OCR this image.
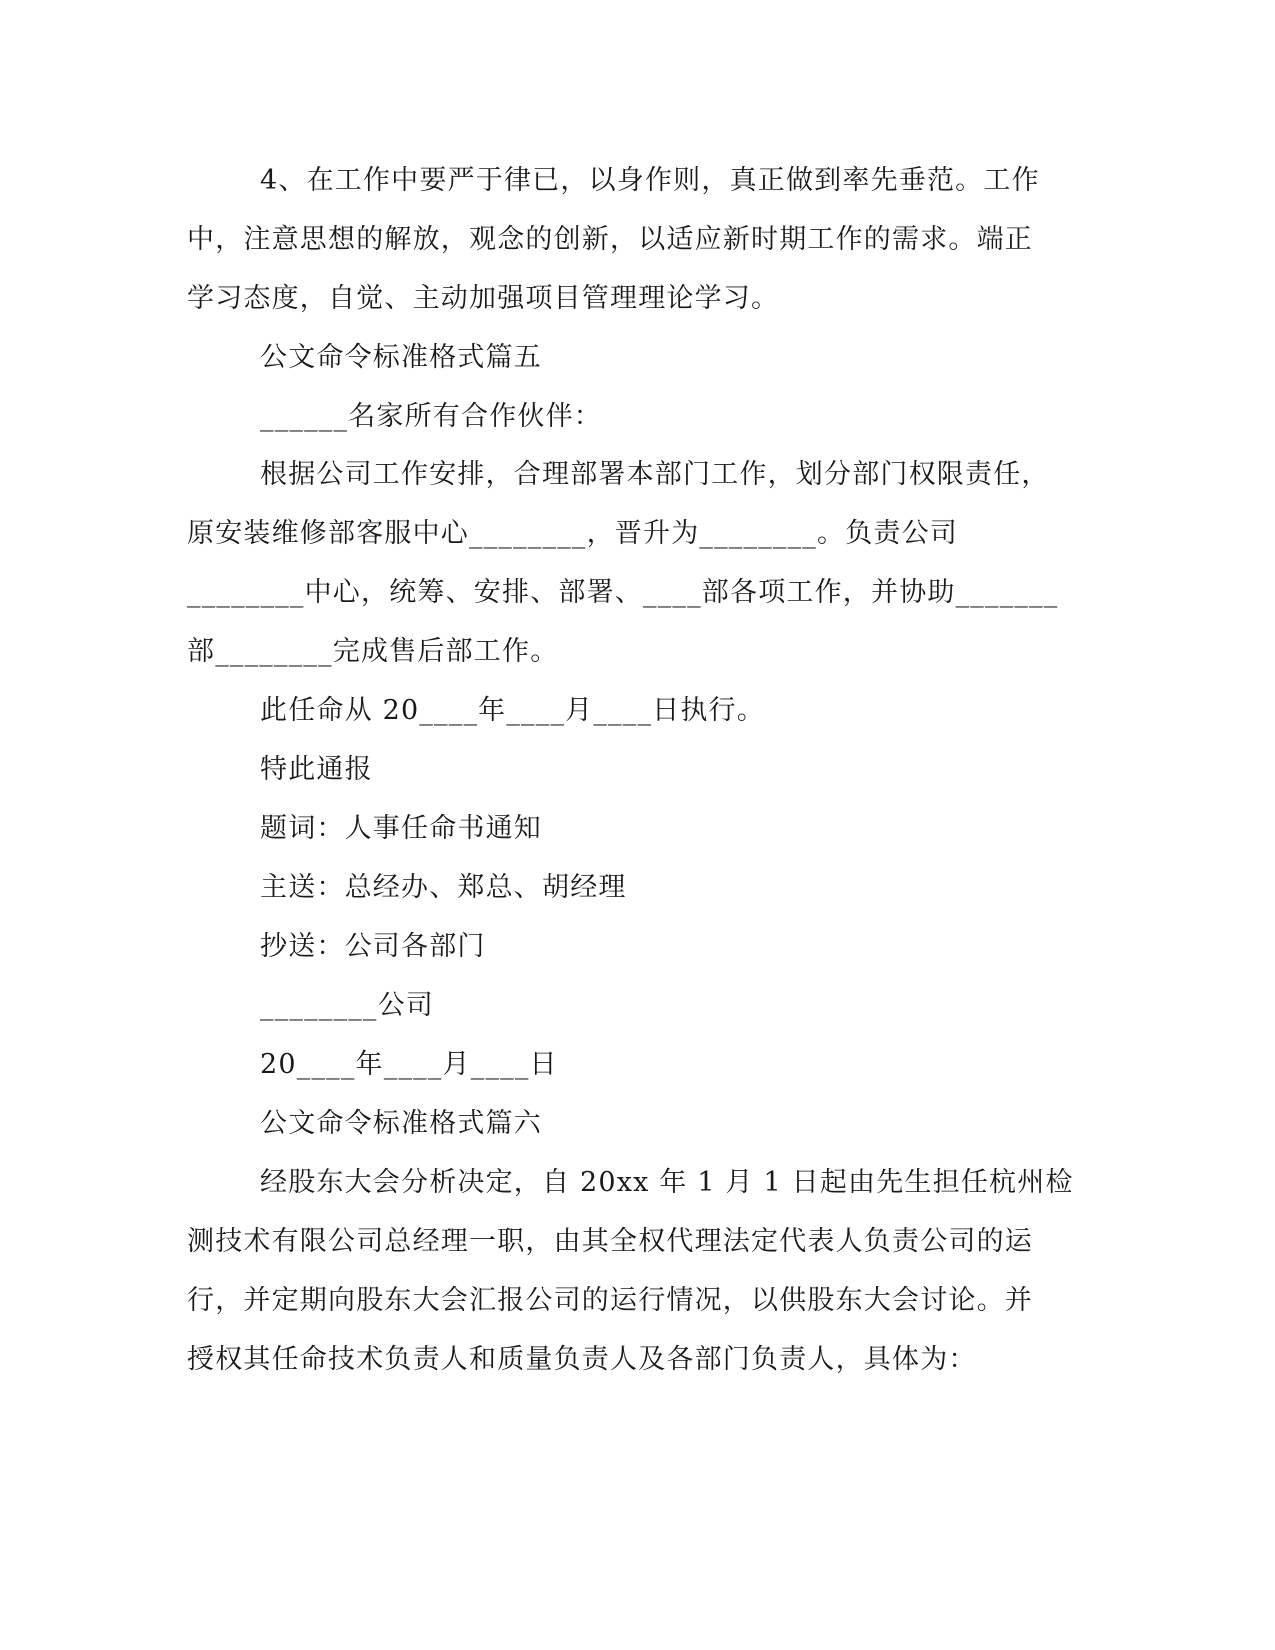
4、在工作中要严于律已，以身作则，真正做到率先垂范。工作
中，注意思想的解放，观念的创新，以适应新时期工作的需求。端正
学习态度，自觉、主动加强项目管理理论学习。
公文命令标准格式篇五
______名家所有合作伙伴：
根据公司工作安排，合理部署本部门工作，划分部门权限责任，
原安装维修部客服中心________，晋升为________。负责公司
________中心，统筹、安排、部署、____部各项工作，并协助_______
部________完成售后部工作。
此任命从 20____年____月____日执行。
特此通报
题词：人事任命书通知
主送：总经办、郑总、胡经理
抄送：公司各部门
________公司
20____年____月____日
公文命令标准格式篇六
经股东大会分析决定，自 20xx 年 1 月 1 日起由先生担任杭州检
测技术有限公司总经理一职，由其全权代理法定代表人负责公司的运
行，并定期向股东大会汇报公司的运行情况，以供股东大会讨论。并
授权其任命技术负责人和质量负责人及各部门负责人，具体为：
